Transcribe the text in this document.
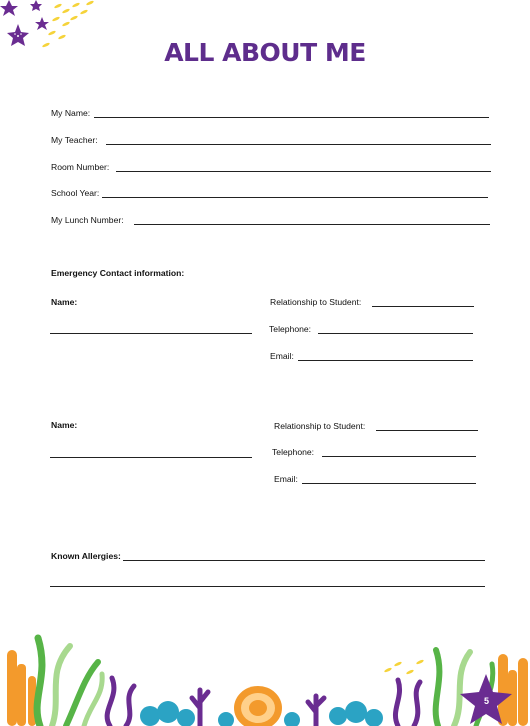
ALL ABOUT ME
My Name:
My Teacher:
Room Number:
School Year:
My Lunch Number:
Emergency Contact information:
Name:	Relationship to Student:
Telephone:
Email:
Name:	Relationship to Student:
Telephone:
Email:
Known Allergies:
5
